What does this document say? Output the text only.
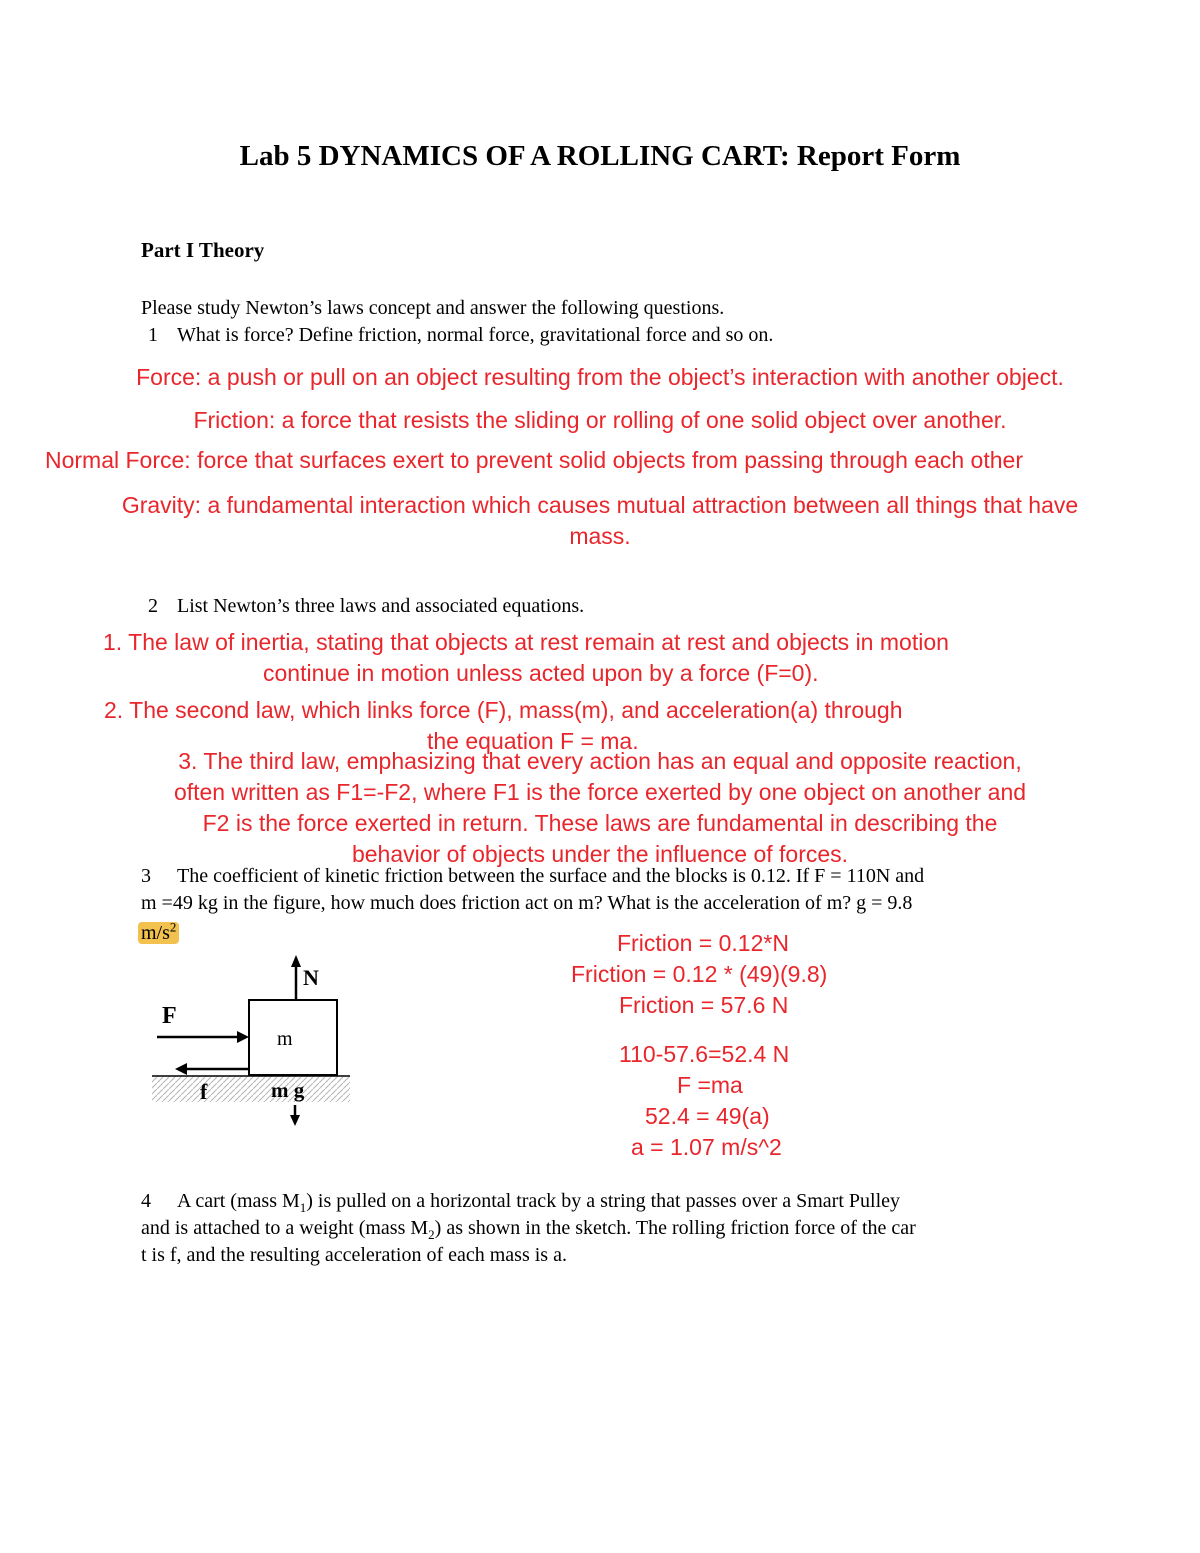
Lab 5 DYNAMICS OF A ROLLING CART: Report Form
Part I Theory
Please study Newton’s laws concept and answer the following questions.
1 What is force? Define friction, normal force, gravitational force and so on.
Force: a push or pull on an object resulting from the object’s interaction with another object.
Friction: a force that resists the sliding or rolling of one solid object over another.
Normal Force: force that surfaces exert to prevent solid objects from passing through each other
Gravity: a fundamental interaction which causes mutual attraction between all things that have
mass.
2 List Newton’s three laws and associated equations.
1. The law of inertia, stating that objects at rest remain at rest and objects in motion
continue in motion unless acted upon by a force (F=0).
2. The second law, which links force (F), mass(m), and acceleration(a) through
the equation F = ma.
3. The third law, emphasizing that every action has an equal and opposite reaction,
often written as F1=-F2, where F1 is the force exerted by one object on another and
F2 is the force exerted in return. These laws are fundamental in describing the
behavior of objects under the influence of forces.
3 The coefficient of kinetic friction between the surface and the blocks is 0.12. If F = 110N and
m =49 kg in the figure, how much does friction act on m? What is the acceleration of m? g = 9.8
$m/s^2$
m
N
F
f	m g
Friction = 0.12*N
Friction = 0.12 * (49)(9.8)
Friction = 57.6 N
110-57.6=52.4 N
F =ma
52.4 = 49(a)
a = 1.07 m/s^2
4 A cart (mass $M_1$) is pulled on a horizontal track by a string that passes over a Smart Pulley
and is attached to a weight (mass $M_2$) as shown in the sketch. The rolling friction force of the car
t is f, and the resulting acceleration of each mass is a.
